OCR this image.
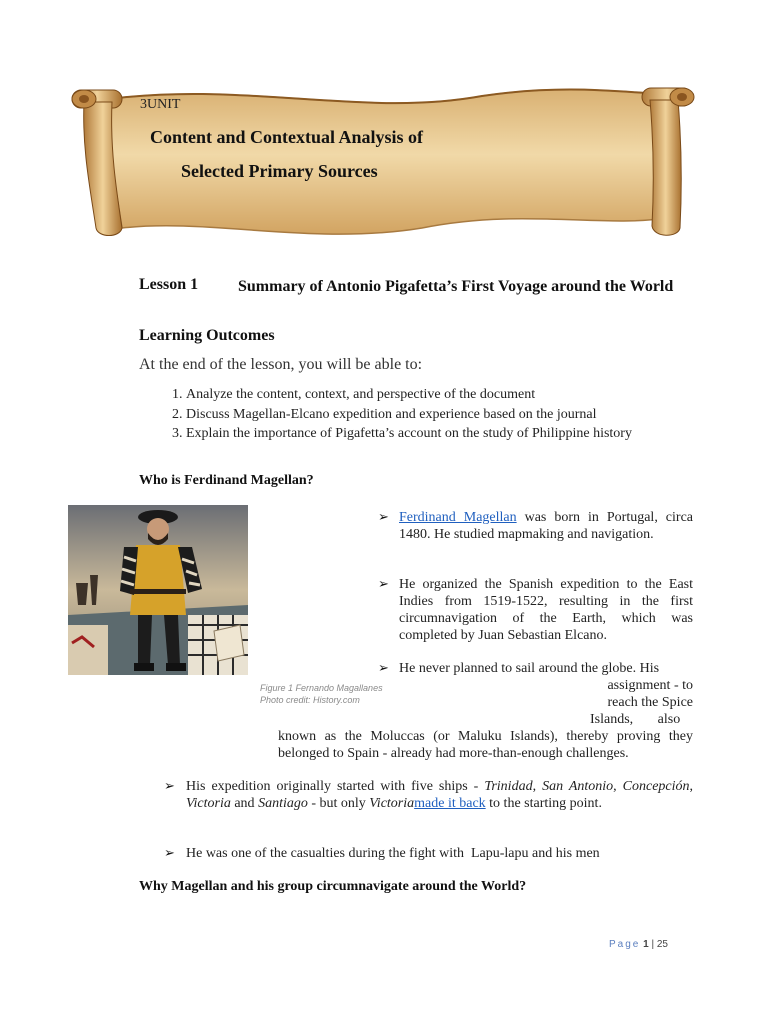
3UNIT
Content and Contextual Analysis of
Selected Primary Sources
Lesson 1 Summary of Antonio Pigafetta’s First Voyage around the World
Learning Outcomes
At the end of the lesson, you will be able to:
1. Analyze the content, context, and perspective of the document
2. Discuss Magellan-Elcano expedition and experience based on the journal
3. Explain the importance of Pigafetta’s account on the study of Philippine history
Who is Ferdinand Magellan?
Figure 1 Fernando Magallanes
Photo credit: History.com
➢ Ferdinand Magellan was born in Portugal, circa 1480. He studied mapmaking and navigation.
➢ He organized the Spanish expedition to the East Indies from 1519-1522, resulting in the first circumnavigation of the Earth, which was completed by Juan Sebastian Elcano.
➢ He never planned to sail around the globe. His
assignment - to
reach the Spice
Islands,       also
known as the Moluccas (or Maluku Islands), thereby proving they belonged to Spain - already had more-than-enough challenges.
➢ His expedition originally started with five ships - Trinidad, San Antonio, Concepción, Victoria and Santiago - but only Victoriamade it back to the starting point.
➢ He was one of the casualties during the fight with  Lapu-lapu and his men
Why Magellan and his group circumnavigate around the World?
Page 1 | 25
